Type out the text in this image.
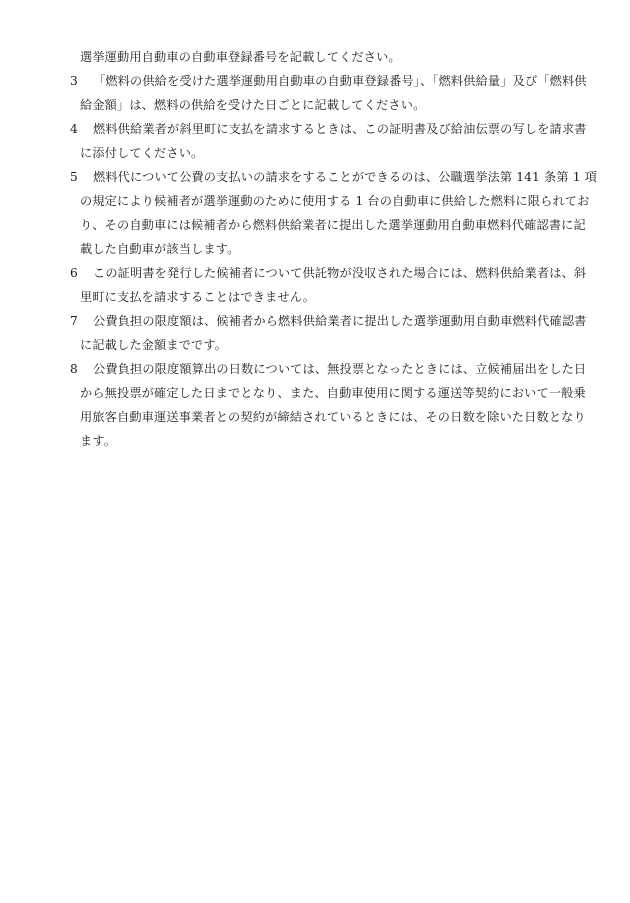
選挙運動用自動車の自動車登録番号を記載してください。
3 「燃料の供給を受けた選挙運動用自動車の自動車登録番号」、「燃料供給量」及び「燃料供
給金額」は、燃料の供給を受けた日ごとに記載してください。
4 燃料供給業者が斜里町に支払を請求するときは、この証明書及び給油伝票の写しを請求書
に添付してください。
5 燃料代について公費の支払いの請求をすることができるのは、公職選挙法第 141 条第 1 項
の規定により候補者が選挙運動のために使用する 1 台の自動車に供給した燃料に限られてお
り、その自動車には候補者から燃料供給業者に提出した選挙運動用自動車燃料代確認書に記
載した自動車が該当します。
6 この証明書を発行した候補者について供託物が没収された場合には、燃料供給業者は、斜
里町に支払を請求することはできません。
7 公費負担の限度額は、候補者から燃料供給業者に提出した選挙運動用自動車燃料代確認書
に記載した金額までです。
8 公費負担の限度額算出の日数については、無投票となったときには、立候補届出をした日
から無投票が確定した日までとなり、また、自動車使用に関する運送等契約において一般乗
用旅客自動車運送事業者との契約が締結されているときには、その日数を除いた日数となり
ます。
